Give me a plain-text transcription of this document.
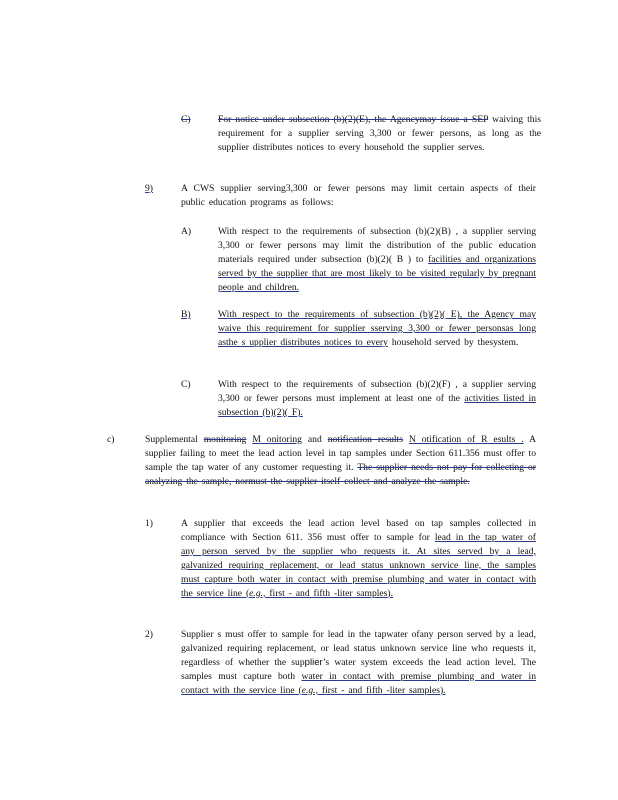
C)	For notice under subsection (b)(2)(E), the Agencymay issue a SEP waiving this requirement for a supplier serving 3,300 or fewer persons, as long as the supplier distributes notices to every household the supplier serves.
9)	A CWS supplier serving3,300 or fewer persons may limit certain aspects of their public education programs as follows:
A)	With respect to the requirements of subsection (b)(2)(B) , a supplier serving 3,300 or fewer persons may limit the distribution of the public education materials required under subsection (b)(2)( B ) to facilities and organizations served by the supplier that are most likely to be visited regularly by pregnant people and children.
B)	With respect to the requirements of subsection (b)(2)( E), the Agency may waive this requirement for supplier sserving 3,300 or fewer personsas long asthe s upplier distributes notices to every household served by thesystem.
C)	With respect to the requirements of subsection (b)(2)(F) , a supplier serving 3,300 or fewer persons must implement at least one of the activities listed in subsection (b)(2)( F).
c)	Supplemental monitoring M onitoring and notification results N otification of R esults . A supplier failing to meet the lead action level in tap samples under Section 611.356 must offer to sample the tap water of any customer requesting it. The supplier needs not pay for collecting or analyzing the sample, normust the supplier itself collect and analyze the sample.
1)	A supplier that exceeds the lead action level based on tap samples collected in compliance with Section 611. 356 must offer to sample for lead in the tap water of any person served by the supplier who requests it. At sites served by a lead, galvanized requiring replacement, or lead status unknown service line, the samples must capture both water in contact with premise plumbing and water in contact with the service line (e.g., first - and fifth -liter samples).
2)	Supplier s must offer to sample for lead in the tapwater ofany person served by a lead, galvanized requiring replacement, or lead status unknown service line who requests it, regardless of whether the supplier’s water system exceeds the lead action level. The samples must capture both water in contact with premise plumbing and water in contact with the service line (e.g., first - and fifth -liter samples).
